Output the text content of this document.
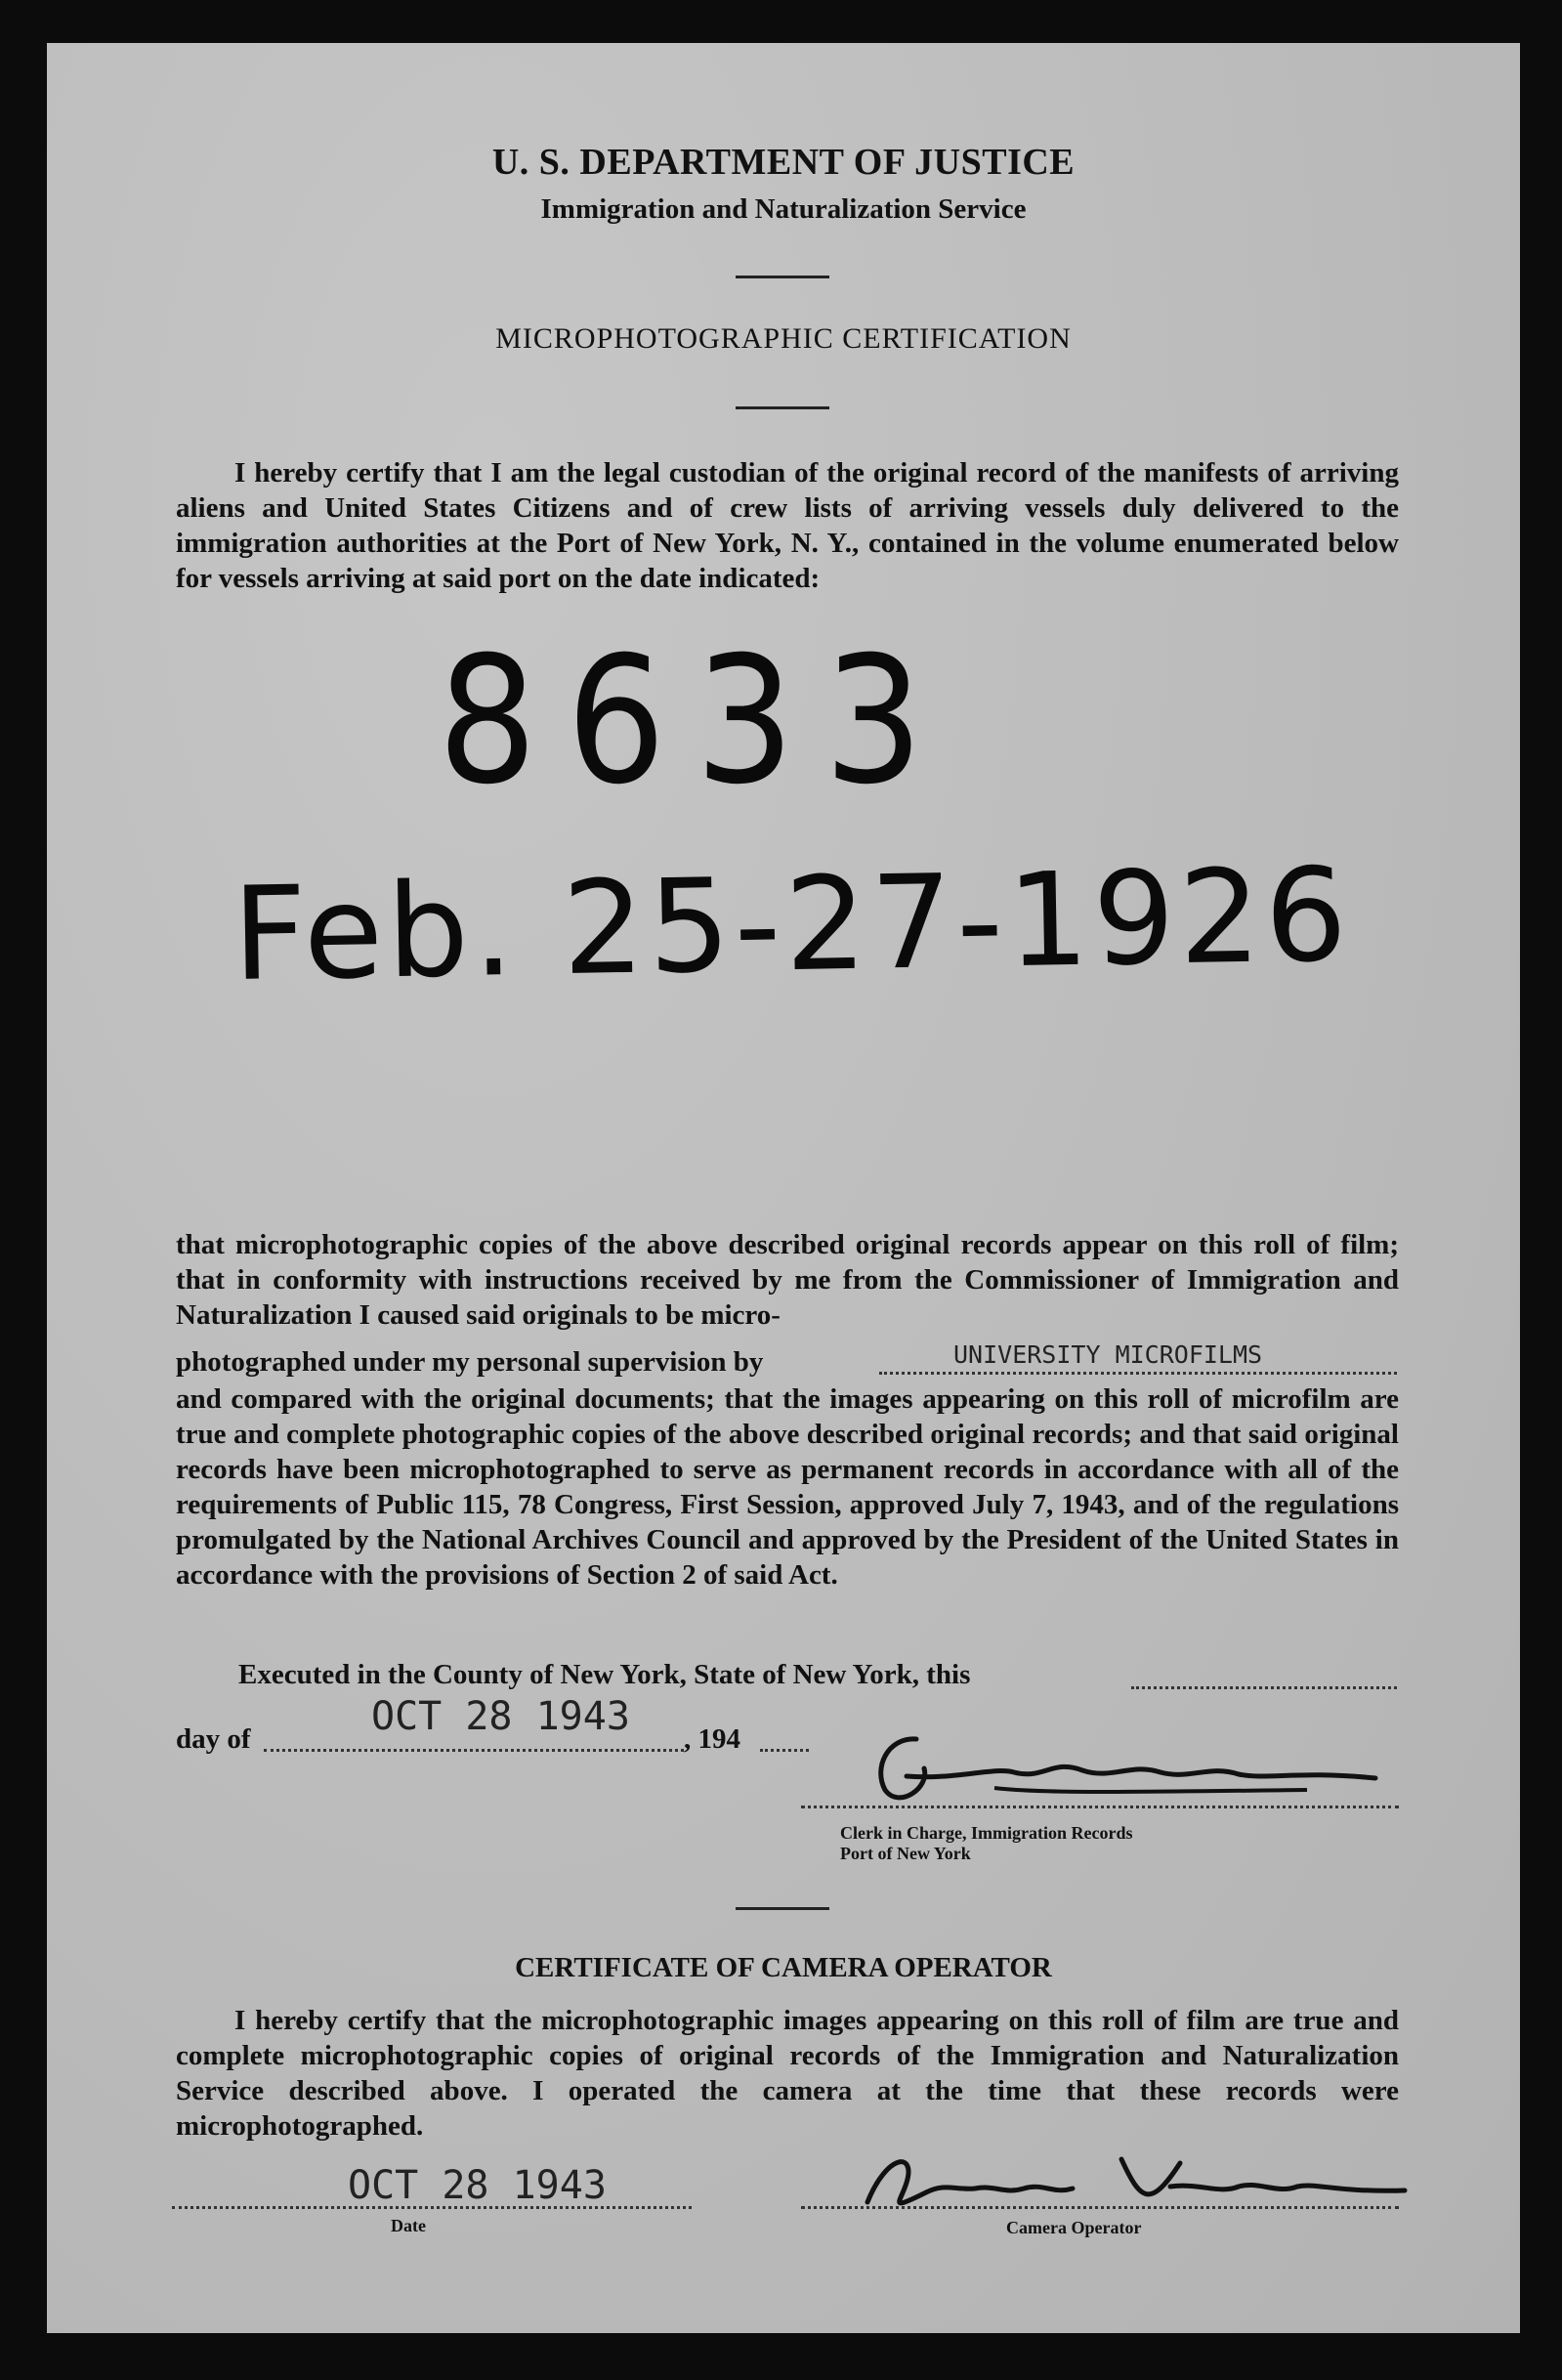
U. S. DEPARTMENT OF JUSTICE
Immigration and Naturalization Service
MICROPHOTOGRAPHIC CERTIFICATION
I hereby certify that I am the legal custodian of the original record of the manifests of arriving aliens and United States Citizens and of crew lists of arriving vessels duly delivered to the immigration authorities at the Port of New York, N. Y., contained in the volume enumerated below for vessels arriving at said port on the date indicated:
8633
Feb. 25-27-1926
that microphotographic copies of the above described original records appear on this roll of film; that in conformity with instructions received by me from the Commissioner of Immigration and Naturalization I caused said originals to be micro-
photographed under my personal supervision by	UNIVERSITY MICROFILMS
and compared with the original documents; that the images appearing on this roll of microfilm are true and complete photographic copies of the above described original records; and that said original records have been microphotographed to serve as permanent records in accordance with all of the requirements of Public 115, 78 Congress, First Session, approved July 7, 1943, and of the regulations promulgated by the National Archives Council and approved by the President of the United States in accordance with the provisions of Section 2 of said Act.
Executed in the County of New York, State of New York, this
day of	OCT 28 1943 , 194
Geo. Baeker
Clerk in Charge, Immigration Records
Port of New York
CERTIFICATE OF CAMERA OPERATOR
I hereby certify that the microphotographic images appearing on this roll of film are true and complete microphotographic copies of original records of the Immigration and Naturalization Service described above. I operated the camera at the time that these records were microphotographed.
OCT 28 1943
Date
Anna Varada
Camera Operator
